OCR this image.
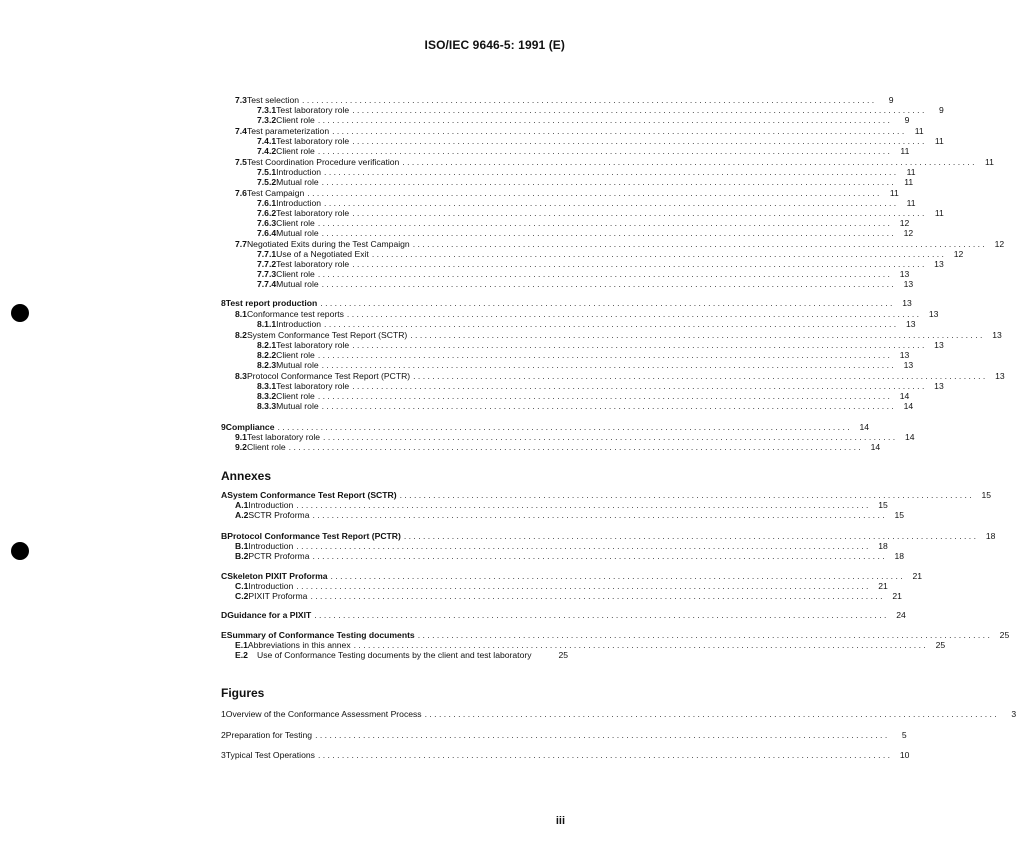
ISO/IEC 9646-5: 1991 (E)
7.3 Test selection ........................................................................................................................	9
7.3.1 Test laboratory role ........................................................................................................................	9
7.3.2 Client role ........................................................................................................................	9
7.4 Test parameterization ........................................................................................................................ 11
7.4.1 Test laboratory role ........................................................................................................................ 11
7.4.2 Client role ........................................................................................................................ 11
7.5 Test Coordination Procedure verification ........................................................................................................................ 11
7.5.1 Introduction ........................................................................................................................ 11
7.5.2 Mutual role ........................................................................................................................ 11
7.6 Test Campaign ........................................................................................................................ 11
7.6.1 Introduction ........................................................................................................................ 11
7.6.2 Test laboratory role ........................................................................................................................ 11
7.6.3 Client role ........................................................................................................................ 12
7.6.4 Mutual role ........................................................................................................................ 12
7.7 Negotiated Exits during the Test Campaign ........................................................................................................................ 12
7.7.1 Use of a Negotiated Exit ........................................................................................................................ 12
7.7.2 Test laboratory role ........................................................................................................................ 13
7.7.3 Client role ........................................................................................................................ 13
7.7.4 Mutual role ........................................................................................................................ 13
8 Test report production ........................................................................................................................ 13
8.1 Conformance test reports ........................................................................................................................ 13
8.1.1 Introduction ........................................................................................................................ 13
8.2 System Conformance Test Report (SCTR) ........................................................................................................................ 13
8.2.1 Test laboratory role ........................................................................................................................ 13
8.2.2 Client role ........................................................................................................................ 13
8.2.3 Mutual role ........................................................................................................................ 13
8.3 Protocol Conformance Test Report (PCTR) ........................................................................................................................ 13
8.3.1 Test laboratory role ........................................................................................................................ 13
8.3.2 Client role ........................................................................................................................ 14
8.3.3 Mutual role ........................................................................................................................ 14
9 Compliance ........................................................................................................................ 14
9.1 Test laboratory role ........................................................................................................................ 14
9.2 Client role ........................................................................................................................ 14
A System Conformance Test Report (SCTR) ........................................................................................................................ 15
A.1 Introduction ........................................................................................................................ 15
A.2 SCTR Proforma ........................................................................................................................ 15
B Protocol Conformance Test Report (PCTR) ........................................................................................................................ 18
B.1 Introduction ........................................................................................................................ 18
B.2 PCTR Proforma ........................................................................................................................ 18
C Skeleton PIXIT Proforma ........................................................................................................................ 21
C.1 Introduction ........................................................................................................................ 21
C.2 PIXIT Proforma ........................................................................................................................ 21
D Guidance for a PIXIT ........................................................................................................................ 24
E Summary of Conformance Testing documents ........................................................................................................................ 25
E.1 Abbreviations in this annex ........................................................................................................................ 25
E.2	Use of Conformance Testing documents by the client and test laboratory	25
1 Overview of the Conformance Assessment Process ........................................................................................................................	3
2 Preparation for Testing ........................................................................................................................	5
3 Typical Test Operations ........................................................................................................................ 10
Annexes
Figures
iii
